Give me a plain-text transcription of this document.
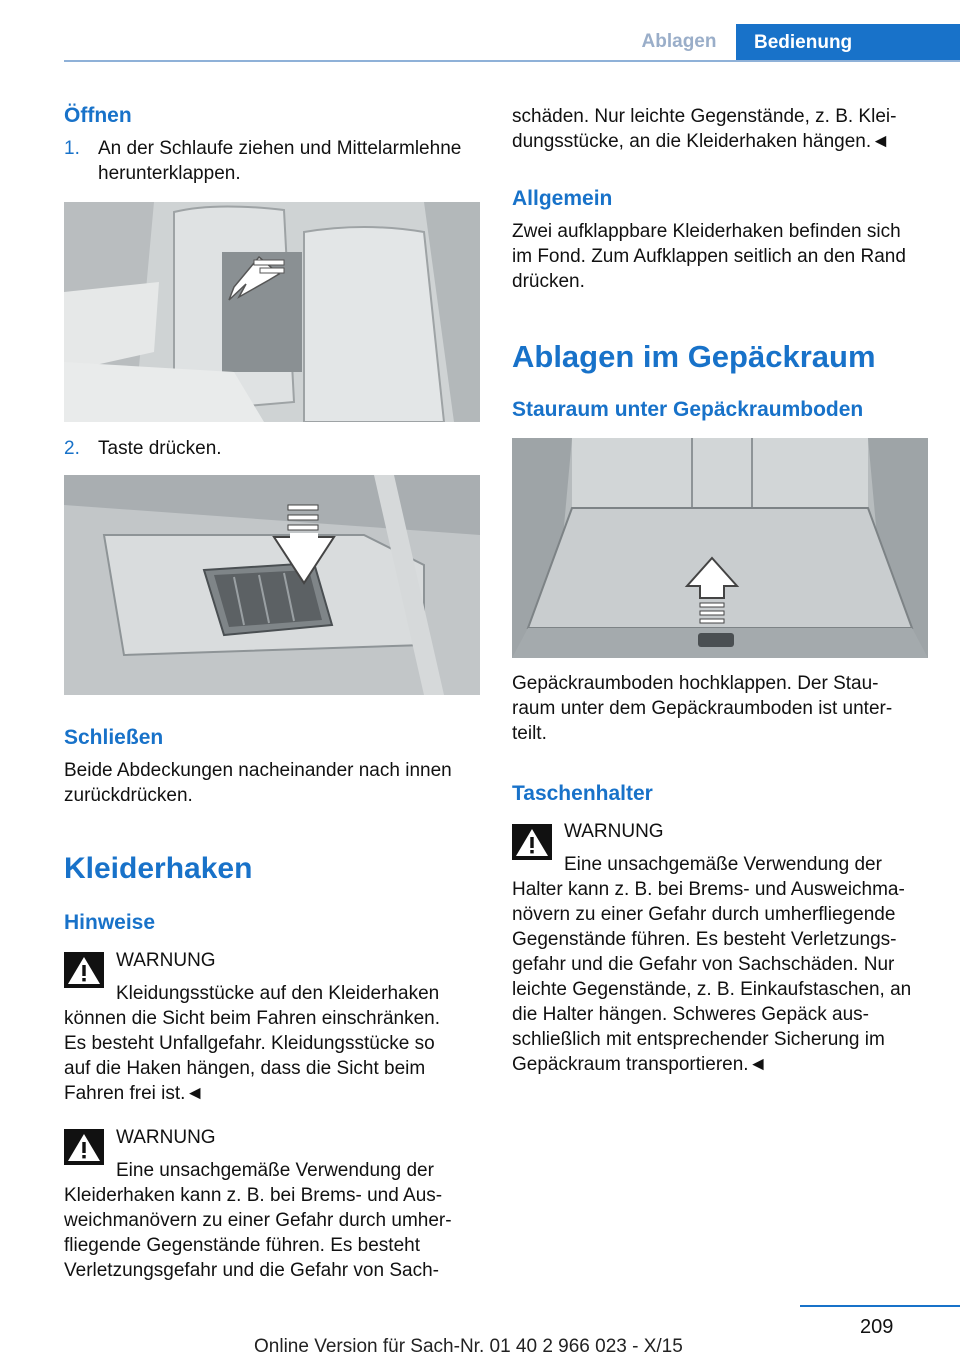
Ablagen	Bedienung
Öffnen
1. An der Schlaufe ziehen und Mittelarmlehne
herunterklappen.
2. Taste drücken.
Schließen
Beide Abdeckungen nacheinander nach innen
zurückdrücken.
Kleiderhaken
Hinweise
WARNUNG
Kleidungsstücke auf den Kleiderhaken
können die Sicht beim Fahren einschränken.
Es besteht Unfallgefahr. Kleidungsstücke so
auf die Haken hängen, dass die Sicht beim
Fahren frei ist.◄
WARNUNG
Eine unsachgemäße Verwendung der
Kleiderhaken kann z. B. bei Brems- und Aus‐
weichmanövern zu einer Gefahr durch umher‐
fliegende Gegenstände führen. Es besteht
Verletzungsgefahr und die Gefahr von Sach‐
schäden. Nur leichte Gegenstände, z. B. Klei‐
dungsstücke, an die Kleiderhaken hängen.◄
Allgemein
Zwei aufklappbare Kleiderhaken befinden sich
im Fond. Zum Aufklappen seitlich an den Rand
drücken.
Ablagen im Gepäckraum
Stauraum unter Gepäckraumboden
Gepäckraumboden hochklappen. Der Stau‐
raum unter dem Gepäckraumboden ist unter‐
teilt.
Taschenhalter
WARNUNG
Eine unsachgemäße Verwendung der
Halter kann z. B. bei Brems- und Ausweichma‐
növern zu einer Gefahr durch umherfliegende
Gegenstände führen. Es besteht Verletzungs‐
gefahr und die Gefahr von Sachschäden. Nur
leichte Gegenstände, z. B. Einkaufstaschen, an
die Halter hängen. Schweres Gepäck aus‐
schließlich mit entsprechender Sicherung im
Gepäckraum transportieren.◄
209
Online Version für Sach-Nr. 01 40 2 966 023 - X/15
